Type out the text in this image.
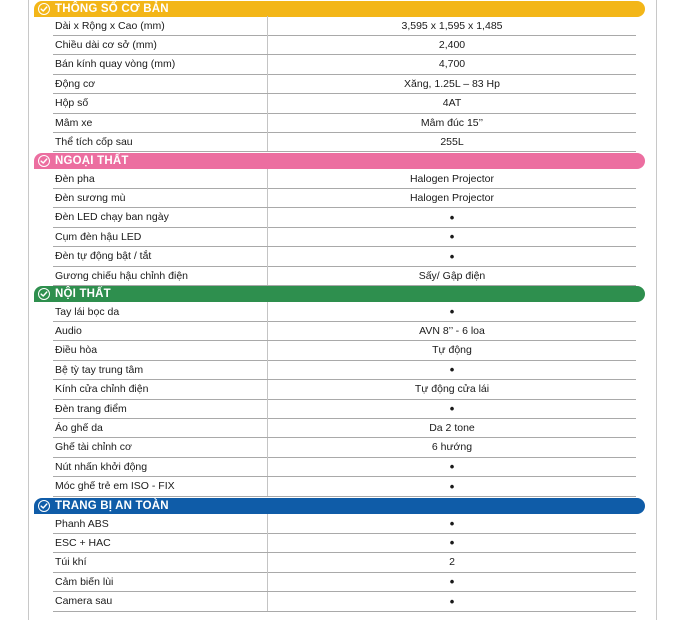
THÔNG SỐ CƠ BẢN
Dài x Rộng x Cao (mm)	3,595 x 1,595 x 1,485
Chiều dài cơ sở (mm)	2,400
Bán kính quay vòng (mm)	4,700
Động cơ	Xăng, 1.25L – 83 Hp
Hộp số	4AT
Mâm xe	Mâm đúc 15’’
Thể tích cốp sau	255L
NGOẠI THẤT
Đèn pha	Halogen Projector
Đèn sương mù	Halogen Projector
Đèn LED chạy ban ngày	•
Cụm đèn hậu LED	•
Đèn tự động bật / tắt	•
Gương chiếu hậu chỉnh điện	Sấy/ Gập điện
NỘI THẤT
Tay lái bọc da	•
Audio	AVN 8’’ - 6 loa
Điều hòa	Tự động
Bệ tỳ tay trung tâm	•
Kính cửa chỉnh điện	Tự động cửa lái
Đèn trang điểm	•
Áo ghế da	Da 2 tone
Ghế tài chỉnh cơ	6 hướng
Nút nhấn khởi động	•
Móc ghế trẻ em ISO - FIX	•
TRANG BỊ AN TOÀN
Phanh ABS	•
ESC + HAC	•
Túi khí	2
Cảm biến lùi	•
Camera sau	•
